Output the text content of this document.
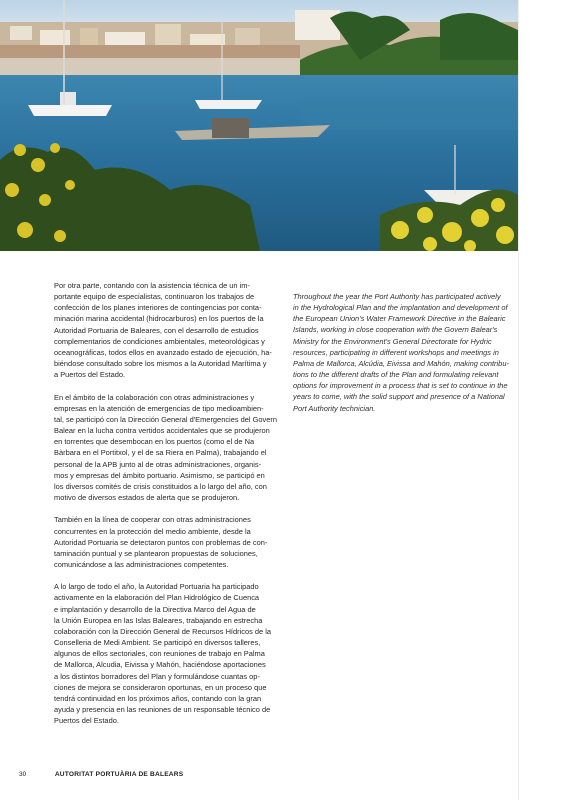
Por otra parte, contando con la asistencia técnica de un im-
portante equipo de especialistas, continuaron los trabajos de
confección de los planes interiores de contingencias por conta-
minación marina accidental (hidrocarburos) en los puertos de la
Autoridad Portuaria de Baleares, con el desarrollo de estudios
complementarios de condiciones ambientales, meteorológicas y
oceanográficas, todos ellos en avanzado estado de ejecución, ha-
biéndose consultado sobre los mismos a la Autoridad Marítima y
a Puertos del Estado.

En el ámbito de la colaboración con otras administraciones y
empresas en la atención de emergencias de tipo medioambien-
tal, se participó con la Dirección General d'Emergencies del Govern
Balear en la lucha contra vertidos accidentales que se produjeron
en torrentes que desembocan en los puertos (como el de Na
Bàrbara en el Portitxol, y el de sa Riera en Palma), trabajando el
personal de la APB junto al de otras administraciones, organis-
mos y empresas del ámbito portuario. Asimismo, se participó en
los diversos comités de crisis constituidos a lo largo del año, con
motivo de diversos estados de alerta que se produjeron.

También en la línea de cooperar con otras administraciones
concurrentes en la protección del medio ambiente, desde la
Autoridad Portuaria se detectaron puntos con problemas de con-
taminación puntual y se plantearon propuestas de soluciones,
comunicándose a las administraciones competentes.

A lo largo de todo el año, la Autoridad Portuaria ha participado
activamente en la elaboración del Plan Hidrológico de Cuenca
e implantación y desarrollo de la Directiva Marco del Agua de
la Unión Europea en las Islas Baleares, trabajando en estrecha
colaboración con la Dirección General de Recursos Hídricos de la
Conselleria de Medi Ambient. Se participó en diversos talleres,
algunos de ellos sectoriales, con reuniones de trabajo en Palma
de Mallorca, Alcudia, Eivissa y Mahón, haciéndose aportaciones
a los distintos borradores del Plan y formulándose cuantas op-
ciones de mejora se consideraron oportunas, en un proceso que
tendrá continuidad en los próximos años, contando con la gran
ayuda y presencia en las reuniones de un responsable técnico de
Puertos del Estado.

Throughout the year the Port Authority has participated actively
in the Hydrological Plan and the implantation and development of
the European Union's Water Framework Directive in the Balearic
Islands, working in close cooperation with the Govern Balear's
Ministry for the Environment's General Directorate for Hydric
resources, participating in different workshops and meetings in
Palma de Mallorca, Alcúdia, Eivissa and Mahón, making contribu-
tions to the different drafts of the Plan and formulating relevant
options for improvement in a process that is set to continue in the
years to come, with the solid support and presence of a National
Port Authority technician.

30	AUTORITAT PORTUÀRIA DE BALEARS
